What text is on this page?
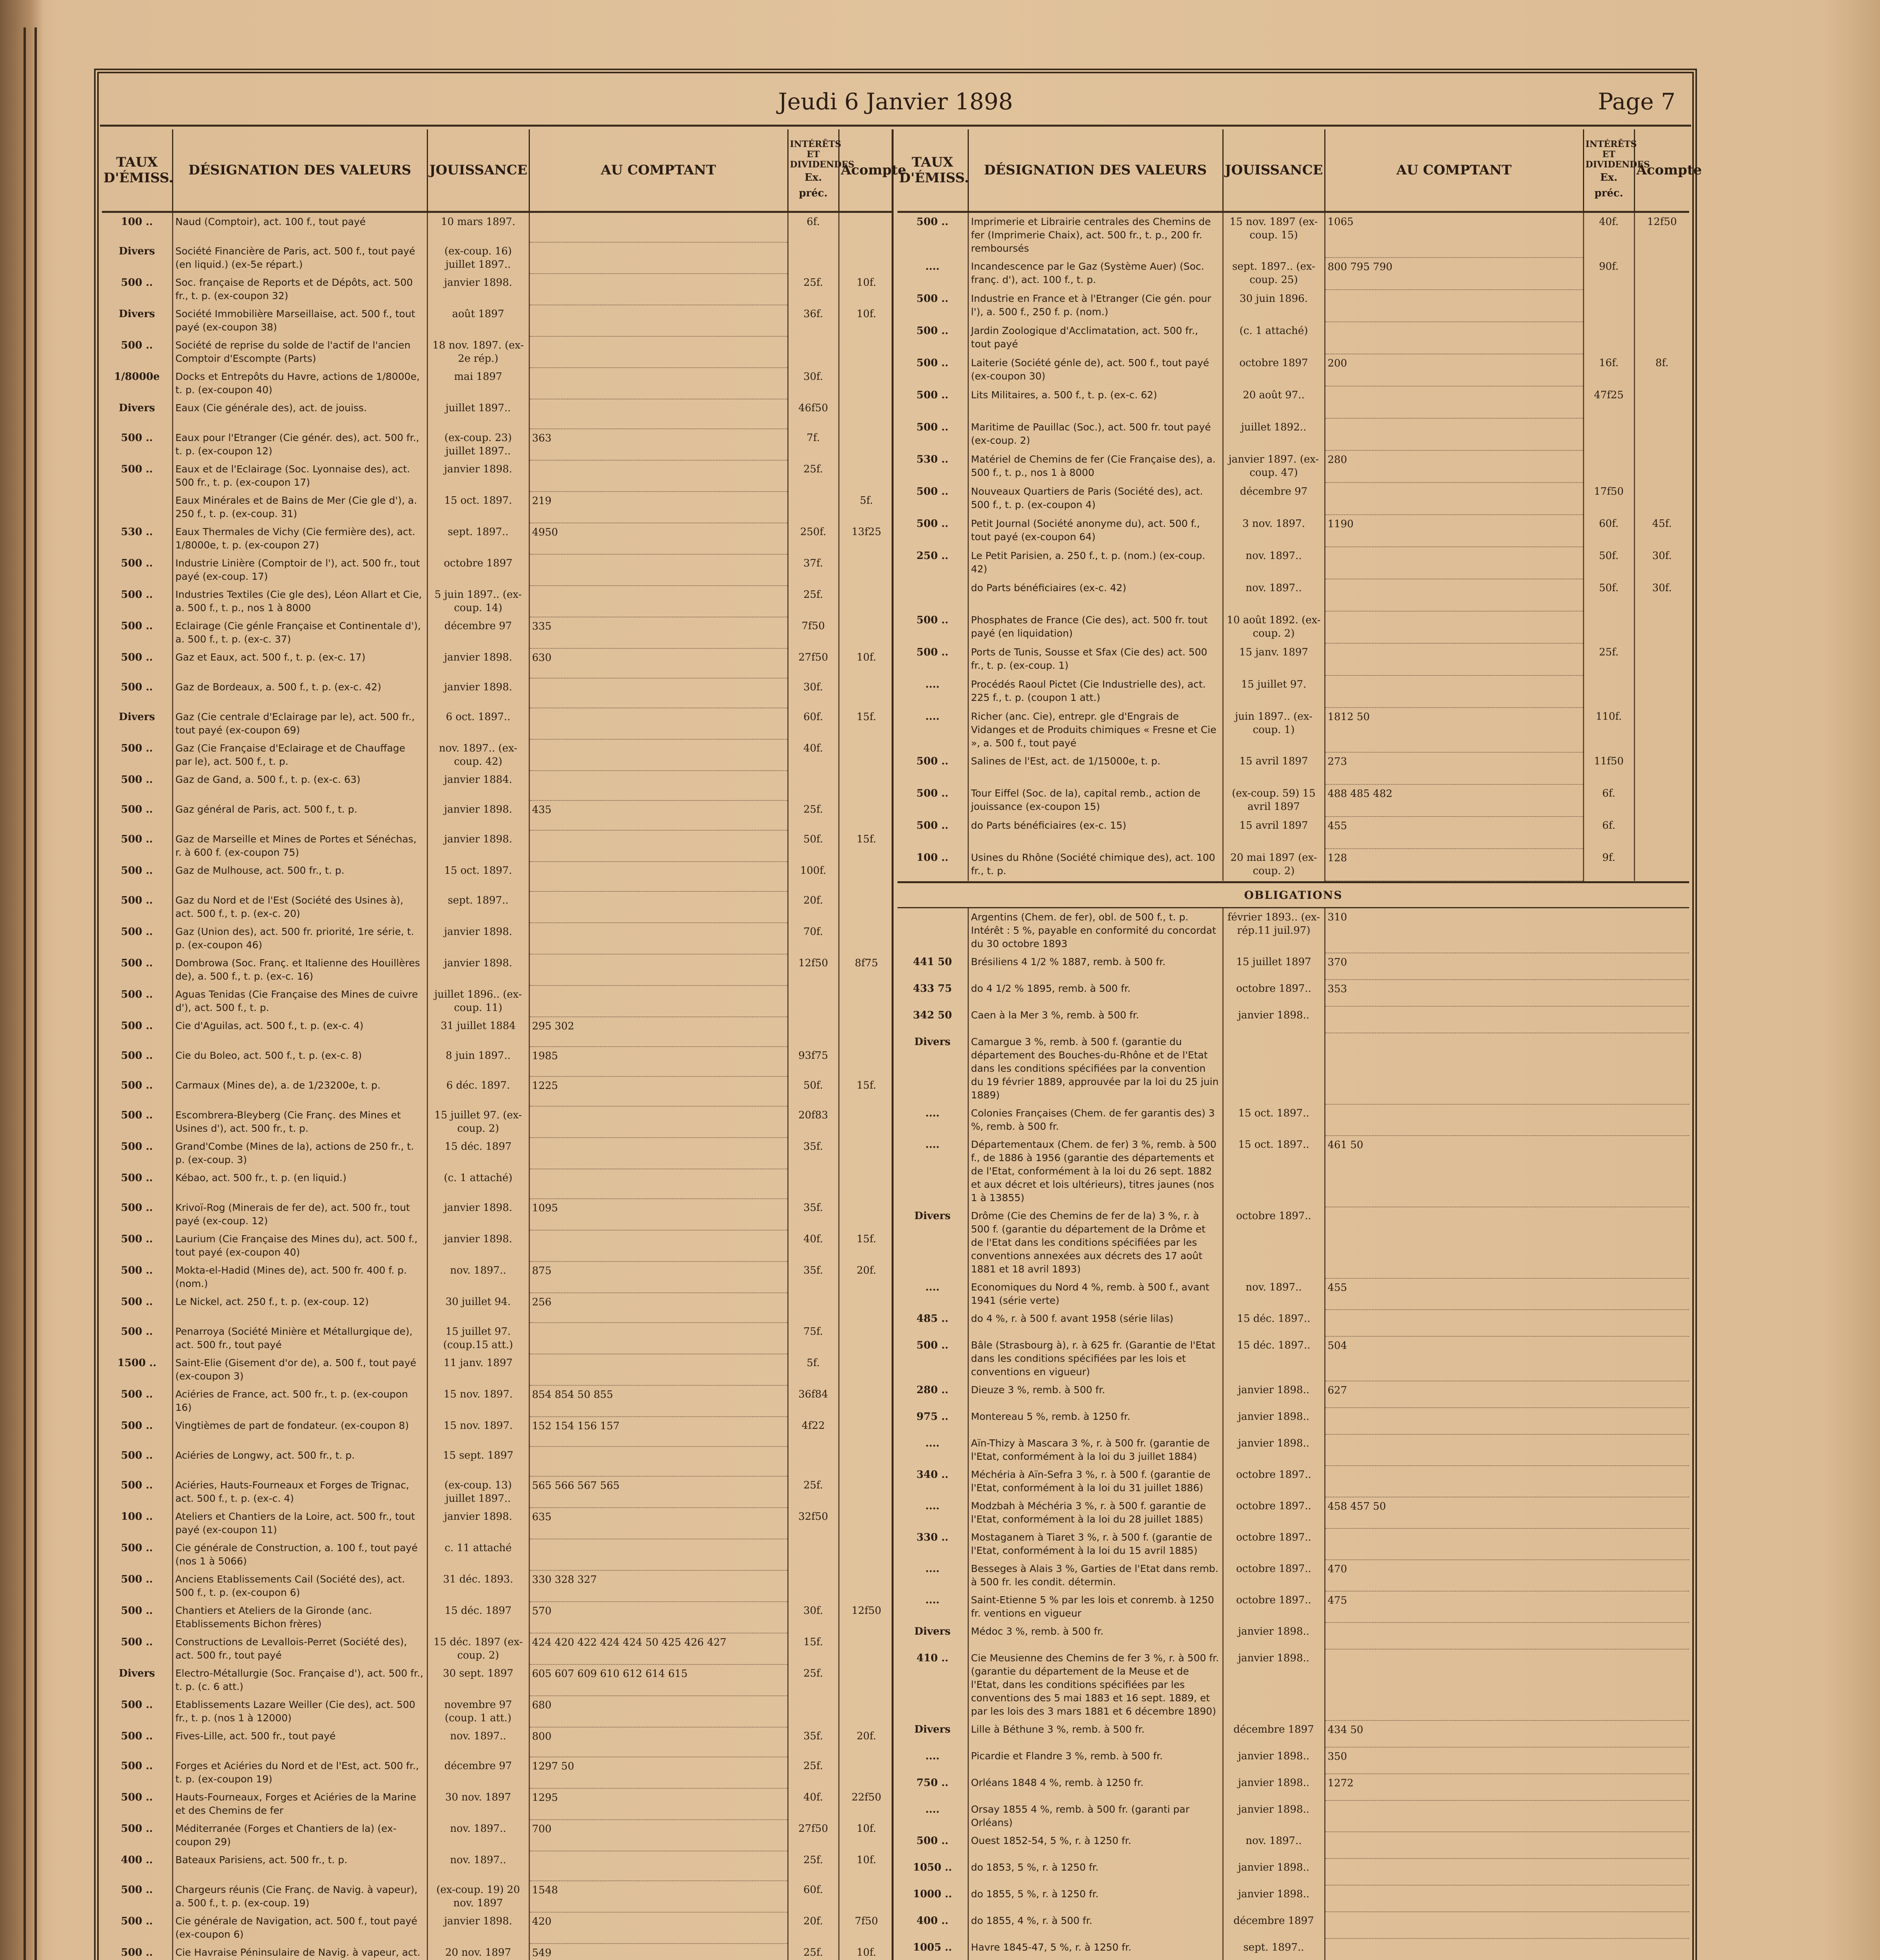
Jeudi 6 Janvier 1898	Page 7
TAUX D'ÉMISS.	DÉSIGNATION DES VALEURS	JOUISSANCE	AU COMPTANT	INTÉRÊTS ET DIVIDENDES
Ex. préc.	Acompte
100 ..	Naud (Comptoir), act. 100 f., tout payé	10 mars 1897.		6f.	
Divers	Société Financière de Paris, act. 500 f., tout payé (en liquid.) (ex-5e répart.)	(ex-coup. 16) juillet 1897..			
500 ..	Soc. française de Reports et de Dépôts, act. 500 fr., t. p. (ex-coupon 32)	janvier 1898.		25f.	10f.
Divers	Société Immobilière Marseillaise, act. 500 f., tout payé (ex-coupon 38)	août 1897		36f.	10f.
500 ..	Société de reprise du solde de l'actif de l'ancien Comptoir d'Escompte (Parts)	18 nov. 1897. (ex-2e rép.)			
1/8000e	Docks et Entrepôts du Havre, actions de 1/8000e, t. p. (ex-coupon 40)	mai 1897		30f.	
Divers	Eaux (Cie générale des), act. de jouiss.	juillet 1897..		46f50	
500 ..	Eaux pour l'Etranger (Cie génér. des), act. 500 fr., t. p. (ex-coupon 12)	(ex-coup. 23) juillet 1897..	363	7f.	
500 ..	Eaux et de l'Eclairage (Soc. Lyonnaise des), act. 500 fr., t. p. (ex-coupon 17)	janvier 1898.		25f.	
	Eaux Minérales et de Bains de Mer (Cie gle d'), a. 250 f., t. p. (ex-coup. 31)	15 oct. 1897.	219		5f.
530 ..	Eaux Thermales de Vichy (Cie fermière des), act. 1/8000e, t. p. (ex-coupon 27)	sept. 1897..	4950	250f.	13f25
500 ..	Industrie Linière (Comptoir de l'), act. 500 fr., tout payé (ex-coup. 17)	octobre 1897		37f.	
500 ..	Industries Textiles (Cie gle des), Léon Allart et Cie, a. 500 f., t. p., nos 1 à 8000	5 juin 1897.. (ex-coup. 14)		25f.	
500 ..	Eclairage (Cie génle Française et Continentale d'), a. 500 f., t. p. (ex-c. 37)	décembre 97	335	7f50	
500 ..	Gaz et Eaux, act. 500 f., t. p. (ex-c. 17)	janvier 1898.	630	27f50	10f.
500 ..	Gaz de Bordeaux, a. 500 f., t. p. (ex-c. 42)	janvier 1898.		30f.	
Divers	Gaz (Cie centrale d'Eclairage par le), act. 500 fr., tout payé (ex-coupon 69)	6 oct. 1897..		60f.	15f.
500 ..	Gaz (Cie Française d'Eclairage et de Chauffage par le), act. 500 f., t. p.	nov. 1897.. (ex-coup. 42)		40f.	
500 ..	Gaz de Gand, a. 500 f., t. p. (ex-c. 63)	janvier 1884.			
500 ..	Gaz général de Paris, act. 500 f., t. p.	janvier 1898.	435	25f.	
500 ..	Gaz de Marseille et Mines de Portes et Sénéchas, r. à 600 f. (ex-coupon 75)	janvier 1898.		50f.	15f.
500 ..	Gaz de Mulhouse, act. 500 fr., t. p.	15 oct. 1897.		100f.	
500 ..	Gaz du Nord et de l'Est (Société des Usines à), act. 500 f., t. p. (ex-c. 20)	sept. 1897..		20f.	
500 ..	Gaz (Union des), act. 500 fr. priorité, 1re série, t. p. (ex-coupon 46)	janvier 1898.		70f.	
500 ..	Dombrowa (Soc. Franç. et Italienne des Houillères de), a. 500 f., t. p. (ex-c. 16)	janvier 1898.		12f50	8f75
500 ..	Aguas Tenidas (Cie Française des Mines de cuivre d'), act. 500 f., t. p.	juillet 1896.. (ex-coup. 11)			
500 ..	Cie d'Aguilas, act. 500 f., t. p. (ex-c. 4)	31 juillet 1884	295 302		
500 ..	Cie du Boleo, act. 500 f., t. p. (ex-c. 8)	8 juin 1897..	1985	93f75	
500 ..	Carmaux (Mines de), a. de 1/23200e, t. p.	6 déc. 1897.	1225	50f.	15f.
500 ..	Escombrera-Bleyberg (Cie Franç. des Mines et Usines d'), act. 500 fr., t. p.	15 juillet 97. (ex-coup. 2)		20f83	
500 ..	Grand'Combe (Mines de la), actions de 250 fr., t. p. (ex-coup. 3)	15 déc. 1897		35f.	
500 ..	Kébao, act. 500 fr., t. p. (en liquid.)	(c. 1 attaché)			
500 ..	Krivoï-Rog (Minerais de fer de), act. 500 fr., tout payé (ex-coup. 12)	janvier 1898.	1095	35f.	
500 ..	Laurium (Cie Française des Mines du), act. 500 f., tout payé (ex-coupon 40)	janvier 1898.		40f.	15f.
500 ..	Mokta-el-Hadid (Mines de), act. 500 fr. 400 f. p. (nom.)	nov. 1897..	875	35f.	20f.
500 ..	Le Nickel, act. 250 f., t. p. (ex-coup. 12)	30 juillet 94.	256		
500 ..	Penarroya (Société Minière et Métallurgique de), act. 500 fr., tout payé	15 juillet 97. (coup.15 att.)		75f.	
1500 ..	Saint-Elie (Gisement d'or de), a. 500 f., tout payé (ex-coupon 3)	11 janv. 1897		5f.	
500 ..	Aciéries de France, act. 500 fr., t. p. (ex-coupon 16)	15 nov. 1897.	854 854 50 855	36f84	
500 ..	Vingtièmes de part de fondateur. (ex-coupon 8)	15 nov. 1897.	152 154 156 157	4f22	
500 ..	Aciéries de Longwy, act. 500 fr., t. p.	15 sept. 1897			
500 ..	Aciéries, Hauts-Fourneaux et Forges de Trignac, act. 500 f., t. p. (ex-c. 4)	(ex-coup. 13) juillet 1897..	565 566 567 565	25f.	
100 ..	Ateliers et Chantiers de la Loire, act. 500 fr., tout payé (ex-coupon 11)	janvier 1898.	635	32f50	
500 ..	Cie générale de Construction, a. 100 f., tout payé (nos 1 à 5066)	c. 11 attaché			
500 ..	Anciens Etablissements Cail (Société des), act. 500 f., t. p. (ex-coupon 6)	31 déc. 1893.	330 328 327		
500 ..	Chantiers et Ateliers de la Gironde (anc. Etablissements Bichon frères)	15 déc. 1897	570	30f.	12f50
500 ..	Constructions de Levallois-Perret (Société des), act. 500 fr., tout payé	15 déc. 1897 (ex-coup. 2)	424 420 422 424 424 50 425 426 427	15f.	
Divers	Electro-Métallurgie (Soc. Française d'), act. 500 fr., t. p. (c. 6 att.)	30 sept. 1897	605 607 609 610 612 614 615	25f.	
500 ..	Etablissements Lazare Weiller (Cie des), act. 500 fr., t. p. (nos 1 à 12000)	novembre 97 (coup. 1 att.)	680		
500 ..	Fives-Lille, act. 500 fr., tout payé	nov. 1897..	800	35f.	20f.
500 ..	Forges et Aciéries du Nord et de l'Est, act. 500 fr., t. p. (ex-coupon 19)	décembre 97	1297 50	25f.	
500 ..	Hauts-Fourneaux, Forges et Aciéries de la Marine et des Chemins de fer	30 nov. 1897	1295	40f.	22f50
500 ..	Méditerranée (Forges et Chantiers de la) (ex-coupon 29)	nov. 1897..	700	27f50	10f.
400 ..	Bateaux Parisiens, act. 500 fr., t. p.	nov. 1897..		25f.	10f.
500 ..	Chargeurs réunis (Cie Franç. de Navig. à vapeur), a. 500 f., t. p. (ex-coup. 19)	(ex-coup. 19) 20 nov. 1897	1548	60f.	
500 ..	Cie générale de Navigation, act. 500 f., tout payé (ex-coupon 6)	janvier 1898.	420	20f.	7f50
500 ..	Cie Havraise Péninsulaire de Navig. à vapeur, act.	20 nov. 1897	549	25f.	10f.

TAUX D'ÉMISS.	DÉSIGNATION DES VALEURS	JOUISSANCE	AU COMPTANT	INTÉRÊTS ET DIVIDENDES
Ex. préc.	Acompte
500 ..	Imprimerie et Librairie centrales des Chemins de fer (Imprimerie Chaix), act. 500 fr., t. p., 200 fr. remboursés	15 nov. 1897 (ex-coup. 15)	1065	40f.	12f50
....	Incandescence par le Gaz (Système Auer) (Soc. franç. d'), act. 100 f., t. p.	sept. 1897.. (ex-coup. 25)	800 795 790	90f.	
500 ..	Industrie en France et à l'Etranger (Cie gén. pour l'), a. 500 f., 250 f. p. (nom.)	30 juin 1896.			
500 ..	Jardin Zoologique d'Acclimatation, act. 500 fr., tout payé	(c. 1 attaché)			
500 ..	Laiterie (Société génle de), act. 500 f., tout payé (ex-coupon 30)	octobre 1897	200	16f.	8f.
500 ..	Lits Militaires, a. 500 f., t. p. (ex-c. 62)	20 août 97..		47f25	
500 ..	Maritime de Pauillac (Soc.), act. 500 fr. tout payé (ex-coup. 2)	juillet 1892..			
530 ..	Matériel de Chemins de fer (Cie Française des), a. 500 f., t. p., nos 1 à 8000	janvier 1897. (ex-coup. 47)	280		
500 ..	Nouveaux Quartiers de Paris (Société des), act. 500 f., t. p. (ex-coupon 4)	décembre 97		17f50	
500 ..	Petit Journal (Société anonyme du), act. 500 f., tout payé (ex-coupon 64)	3 nov. 1897.	1190	60f.	45f.
250 ..	Le Petit Parisien, a. 250 f., t. p. (nom.) (ex-coup. 42)	nov. 1897..		50f.	30f.
	do Parts bénéficiaires (ex-c. 42)	nov. 1897..		50f.	30f.
500 ..	Phosphates de France (Cie des), act. 500 fr. tout payé (en liquidation)	10 août 1892. (ex-coup. 2)			
500 ..	Ports de Tunis, Sousse et Sfax (Cie des) act. 500 fr., t. p. (ex-coup. 1)	15 janv. 1897		25f.	
....	Procédés Raoul Pictet (Cie Industrielle des), act. 225 f., t. p. (coupon 1 att.)	15 juillet 97.			
....	Richer (anc. Cie), entrepr. gle d'Engrais de Vidanges et de Produits chimiques « Fresne et Cie », a. 500 f., tout payé	juin 1897.. (ex-coup. 1)	1812 50	110f.	
500 ..	Salines de l'Est, act. de 1/15000e, t. p.	15 avril 1897	273	11f50	
500 ..	Tour Eiffel (Soc. de la), capital remb., action de jouissance (ex-coupon 15)	(ex-coup. 59) 15 avril 1897	488 485 482	6f.	
500 ..	do Parts bénéficiaires (ex-c. 15)	15 avril 1897	455	6f.	
100 ..	Usines du Rhône (Société chimique des), act. 100 fr., t. p.	20 mai 1897 (ex-coup. 2)	128	9f.	
OBLIGATIONS
	Argentins (Chem. de fer), obl. de 500 f., t. p. Intérêt : 5 %, payable en conformité du concordat du 30 octobre 1893	février 1893.. (ex-rép.11 juil.97)	310
441 50	Brésiliens 4 1/2 % 1887, remb. à 500 fr.	15 juillet 1897	370
433 75	do 4 1/2 % 1895, remb. à 500 fr.	octobre 1897..	353
342 50	Caen à la Mer 3 %, remb. à 500 fr.	janvier 1898..	
Divers	Camargue 3 %, remb. à 500 f. (garantie du département des Bouches-du-Rhône et de l'Etat dans les conditions spécifiées par la convention du 19 février 1889, approuvée par la loi du 25 juin 1889)		
....	Colonies Françaises (Chem. de fer garantis des) 3 %, remb. à 500 fr.	15 oct. 1897..	
....	Départementaux (Chem. de fer) 3 %, remb. à 500 f., de 1886 à 1956 (garantie des départements et de l'Etat, conformément à la loi du 26 sept. 1882 et aux décret et lois ultérieurs), titres jaunes (nos 1 à 13855)	15 oct. 1897..	461 50
Divers	Drôme (Cie des Chemins de fer de la) 3 %, r. à 500 f. (garantie du département de la Drôme et de l'Etat dans les conditions spécifiées par les conventions annexées aux décrets des 17 août 1881 et 18 avril 1893)	octobre 1897..	
....	Economiques du Nord 4 %, remb. à 500 f., avant 1941 (série verte)	nov. 1897..	455
485 ..	do 4 %, r. à 500 f. avant 1958 (série lilas)	15 déc. 1897..	
500 ..	Bâle (Strasbourg à), r. à 625 fr. (Garantie de l'Etat dans les conditions spécifiées par les lois et conventions en vigueur)	15 déc. 1897..	504
280 ..	Dieuze 3 %, remb. à 500 fr.	janvier 1898..	627
975 ..	Montereau 5 %, remb. à 1250 fr.	janvier 1898..	
....	Aïn-Thizy à Mascara 3 %, r. à 500 fr. (garantie de l'Etat, conformément à la loi du 3 juillet 1884)	janvier 1898..	
340 ..	Méchéria à Aïn-Sefra 3 %, r. à 500 f. (garantie de l'Etat, conformément à la loi du 31 juillet 1886)	octobre 1897..	
....	Modzbah à Méchéria 3 %, r. à 500 f. garantie de l'Etat, conformément à la loi du 28 juillet 1885)	octobre 1897..	458 457 50
330 ..	Mostaganem à Tiaret 3 %, r. à 500 f. (garantie de l'Etat, conformément à la loi du 15 avril 1885)	octobre 1897..	
....	Besseges à Alais 3 %, Garties de l'Etat dans remb. à 500 fr. les condit. détermin.	octobre 1897..	470
....	Saint-Etienne 5 % par les lois et conremb. à 1250 fr. ventions en vigueur	octobre 1897..	475
Divers	Médoc 3 %, remb. à 500 fr.	janvier 1898..	
410 ..	Cie Meusienne des Chemins de fer 3 %, r. à 500 fr. (garantie du département de la Meuse et de l'Etat, dans les conditions spécifiées par les conventions des 5 mai 1883 et 16 sept. 1889, et par les lois des 3 mars 1881 et 6 décembre 1890)	janvier 1898..	
Divers	Lille à Béthune 3 %, remb. à 500 fr.	décembre 1897	434 50
....	Picardie et Flandre 3 %, remb. à 500 fr.	janvier 1898..	350
750 ..	Orléans 1848 4 %, remb. à 1250 fr.	janvier 1898..	1272
....	Orsay 1855 4 %, remb. à 500 fr. (garanti par Orléans)	janvier 1898..	
500 ..	Ouest 1852-54, 5 %, r. à 1250 fr.	nov. 1897..	
1050 ..	do 1853, 5 %, r. à 1250 fr.	janvier 1898..	
1000 ..	do 1855, 5 %, r. à 1250 fr.	janvier 1898..	
400 ..	do 1855, 4 %, r. à 500 fr.	décembre 1897	
1005 ..	Havre 1845-47, 5 %, r. à 1250 fr.	sept. 1897..	
